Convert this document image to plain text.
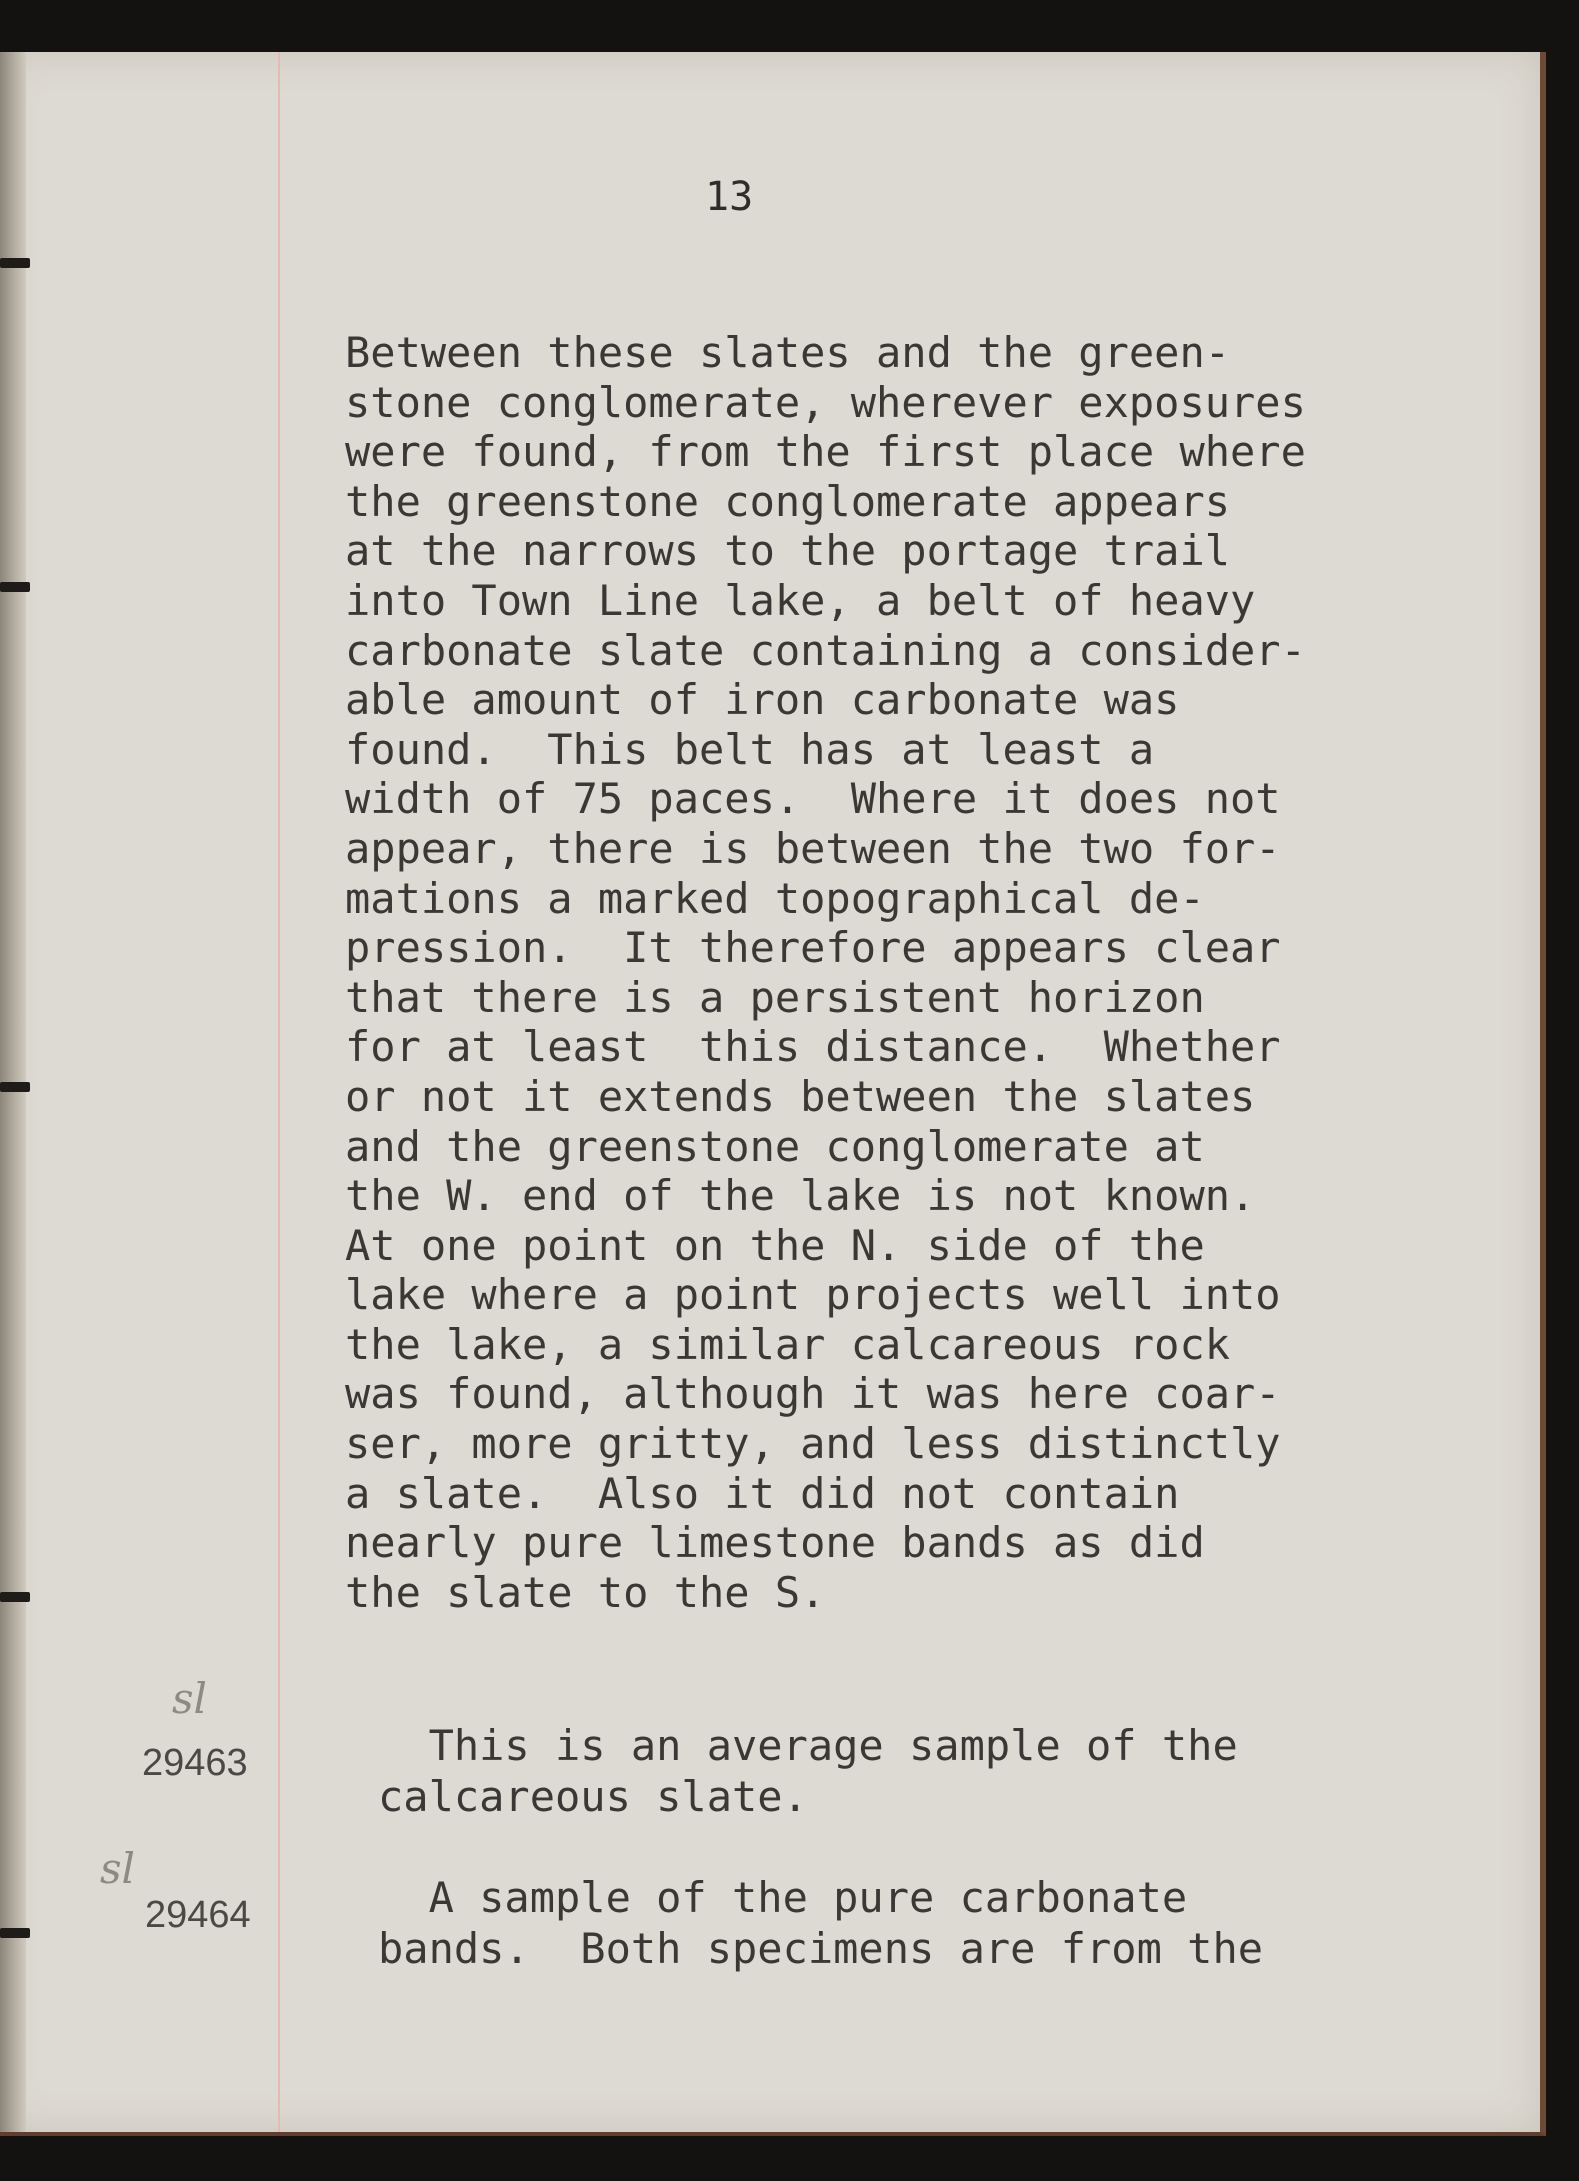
13
Between these slates and the green-
stone conglomerate, wherever exposures
were found, from the first place where
the greenstone conglomerate appears
at the narrows to the portage trail
into Town Line lake, a belt of heavy
carbonate slate containing a consider-
able amount of iron carbonate was
found.  This belt has at least a
width of 75 paces.  Where it does not
appear, there is between the two for-
mations a marked topographical de-
pression.  It therefore appears clear
that there is a persistent horizon
for at least  this distance.  Whether
or not it extends between the slates
and the greenstone conglomerate at
the W. end of the lake is not known.
At one point on the N. side of the
lake where a point projects well into
the lake, a similar calcareous rock
was found, although it was here coar-
ser, more gritty, and less distinctly
a slate.  Also it did not contain
nearly pure limestone bands as did
the slate to the S.
sl
29463	This is an average sample of the
calcareous slate.
sl
29464	A sample of the pure carbonate
bands.  Both specimens are from the
